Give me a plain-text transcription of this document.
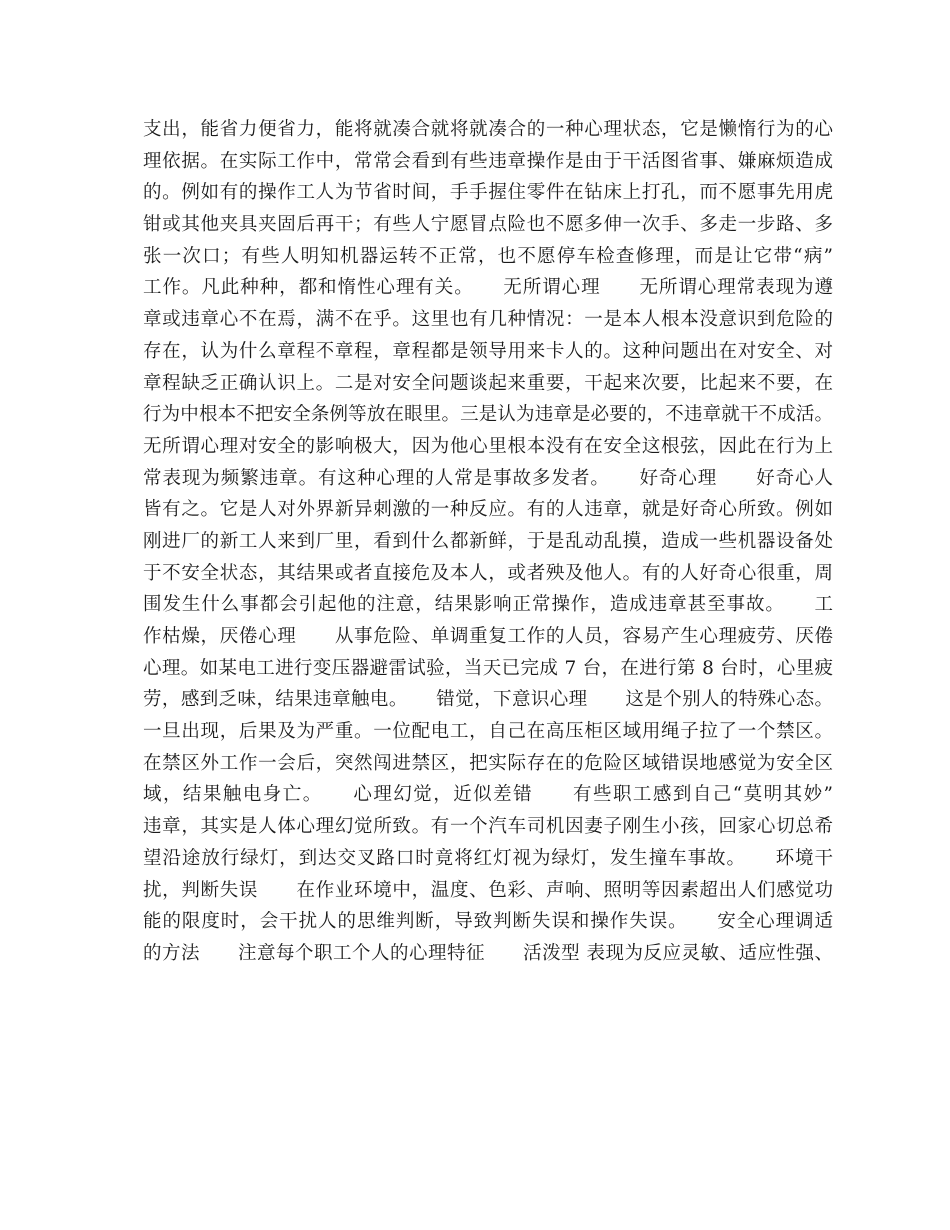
支出，能省力便省力，能将就凑合就将就凑合的一种心理状态，它是懒惰行为的心
理依据。在实际工作中，常常会看到有些违章操作是由于干活图省事、嫌麻烦造成
的。例如有的操作工人为节省时间，手手握住零件在钻床上打孔，而不愿事先用虎
钳或其他夹具夹固后再干；有些人宁愿冒点险也不愿多伸一次手、多走一步路、多
张一次口；有些人明知机器运转不正常，也不愿停车检查修理，而是让它带“病”
工作。凡此种种，都和惰性心理有关。　　无所谓心理　　无所谓心理常表现为遵
章或违章心不在焉，满不在乎。这里也有几种情况：一是本人根本没意识到危险的
存在，认为什么章程不章程，章程都是领导用来卡人的。这种问题出在对安全、对
章程缺乏正确认识上。二是对安全问题谈起来重要，干起来次要，比起来不要，在
行为中根本不把安全条例等放在眼里。三是认为违章是必要的，不违章就干不成活。
无所谓心理对安全的影响极大，因为他心里根本没有在安全这根弦，因此在行为上
常表现为频繁违章。有这种心理的人常是事故多发者。　　好奇心理　　好奇心人
皆有之。它是人对外界新异刺激的一种反应。有的人违章，就是好奇心所致。例如
刚进厂的新工人来到厂里，看到什么都新鲜，于是乱动乱摸，造成一些机器设备处
于不安全状态，其结果或者直接危及本人，或者殃及他人。有的人好奇心很重，周
围发生什么事都会引起他的注意，结果影响正常操作，造成违章甚至事故。　　工
作枯燥，厌倦心理　　从事危险、单调重复工作的人员，容易产生心理疲劳、厌倦
心理。如某电工进行变压器避雷试验，当天已完成 7 台，在进行第 8 台时，心里疲
劳，感到乏味，结果违章触电。　　错觉，下意识心理　　这是个别人的特殊心态。
一旦出现，后果及为严重。一位配电工，自己在高压柜区域用绳子拉了一个禁区。
在禁区外工作一会后，突然闯进禁区，把实际存在的危险区域错误地感觉为安全区
域，结果触电身亡。　　心理幻觉，近似差错　　有些职工感到自己“莫明其妙”
违章，其实是人体心理幻觉所致。有一个汽车司机因妻子刚生小孩，回家心切总希
望沿途放行绿灯，到达交叉路口时竟将红灯视为绿灯，发生撞车事故。　　环境干
扰，判断失误　　在作业环境中，温度、色彩、声响、照明等因素超出人们感觉功
能的限度时，会干扰人的思维判断，导致判断失误和操作失误。　　安全心理调适
的方法　　注意每个职工个人的心理特征　　活泼型 表现为反应灵敏、适应性强、
